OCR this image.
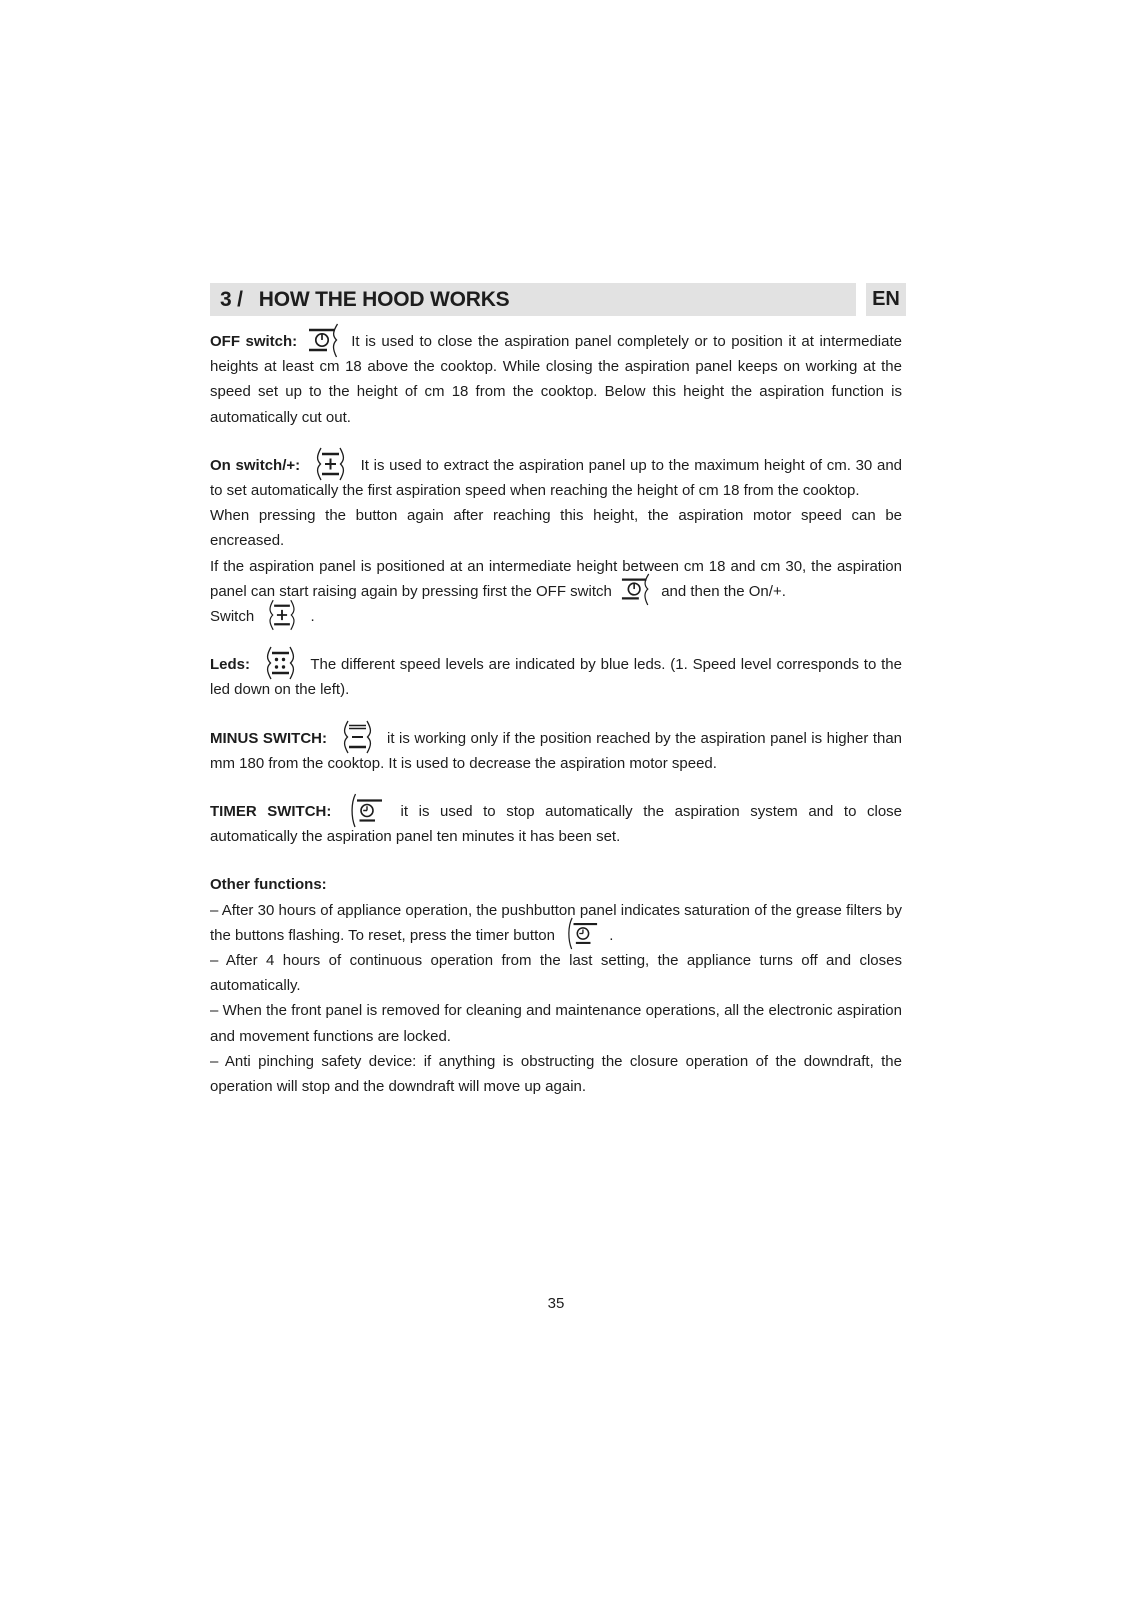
3 / HOW THE HOOD WORKS	EN

OFF switch:	It is used to close the aspiration panel completely or to position it at intermediate heights at least cm 18 above the cooktop. While closing the aspiration panel keeps on working at the speed set up to the height of cm 18 from the cooktop. Below this height the aspiration function is automatically cut out.

On switch/+:	It is used to extract the aspiration panel up to the maximum height of cm. 30 and to set automatically the first aspiration speed when reaching the height of cm 18 from the cooktop.
When pressing the button again after reaching this height, the aspiration motor speed can be encreased.
If the aspiration panel is positioned at an intermediate height between cm 18 and cm 30, the aspiration panel can start raising again by pressing first the OFF switch	and then the On/+.
Switch	.

Leds:	The different speed levels are indicated by blue leds. (1. Speed level corresponds to the led down on the left).

MINUS SWITCH:	it is working only if the position reached by the aspiration panel is higher than mm 180 from the cooktop. It is used to decrease the aspiration motor speed.

TIMER SWITCH:	it is used to stop automatically the aspiration system and to close automatically the aspiration panel ten minutes it has been set.

Other functions:
– After 30 hours of appliance operation, the pushbutton panel indicates saturation of the grease filters by the buttons flashing. To reset, press the timer button	.
– After 4 hours of continuous operation from the last setting, the appliance turns off and closes automatically.
– When the front panel is removed for cleaning and maintenance operations, all the electronic aspiration and movement functions are locked.
– Anti pinching safety device: if anything is obstructing the closure operation of the downdraft, the operation will stop and the downdraft will move up again.

35
